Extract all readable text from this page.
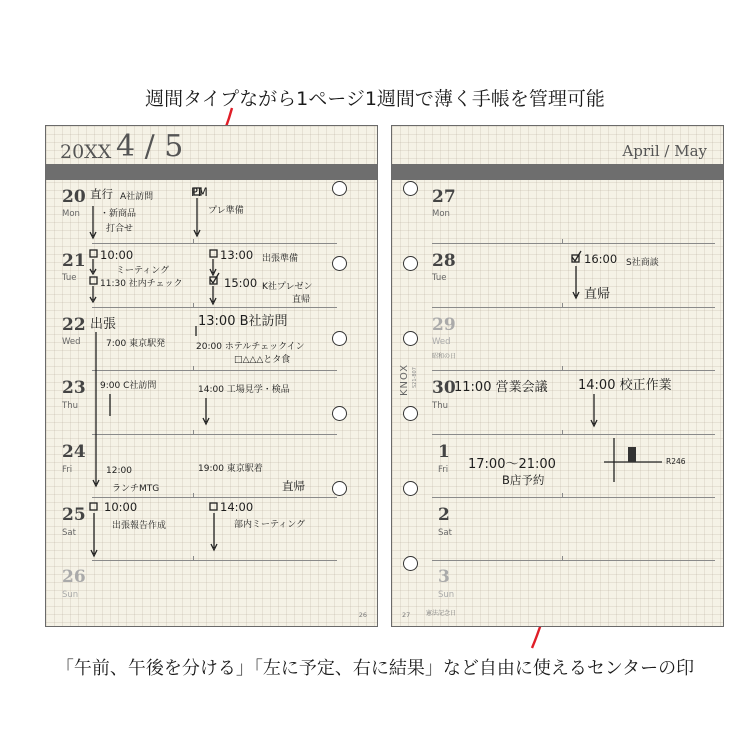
週間タイプながら1ページ1週間で薄く手帳を管理可能
「午前、午後を分ける」「左に予定、右に結果」など自由に使えるセンターの印
20XX 4 / 5
20
Mon
21
Tue
22
Wed
23
Thu
24
Fri
25
Sat
26
Sun
直行 A社訪問
・新商品
打合せ
PM
プレ準備
10:00
ミーティング
11:30 社内チェック
13:00 出張準備
15:00 K社プレゼン
直帰
出張
7:00 東京駅発
13:00 B社訪問
20:00 ホテルチェックイン
□△△△とタ食
9:00 C社訪問	14:00 工場見学・検品
12:00
ランチMTG
19:00 東京駅着
直帰
10:00
出張報告作成
14:00
部内ミーティング
26
April / May
27
Mon
28
Tue
29
Wed
昭和の日
30
Thu
1
Fri
2
Sat
3
Sun
KNOX S21-807
16:00 S社商談
直帰
11:00 営業会議 14:00 校正作業
17:00〜21:00
B店予約
R246
27	憲法記念日
